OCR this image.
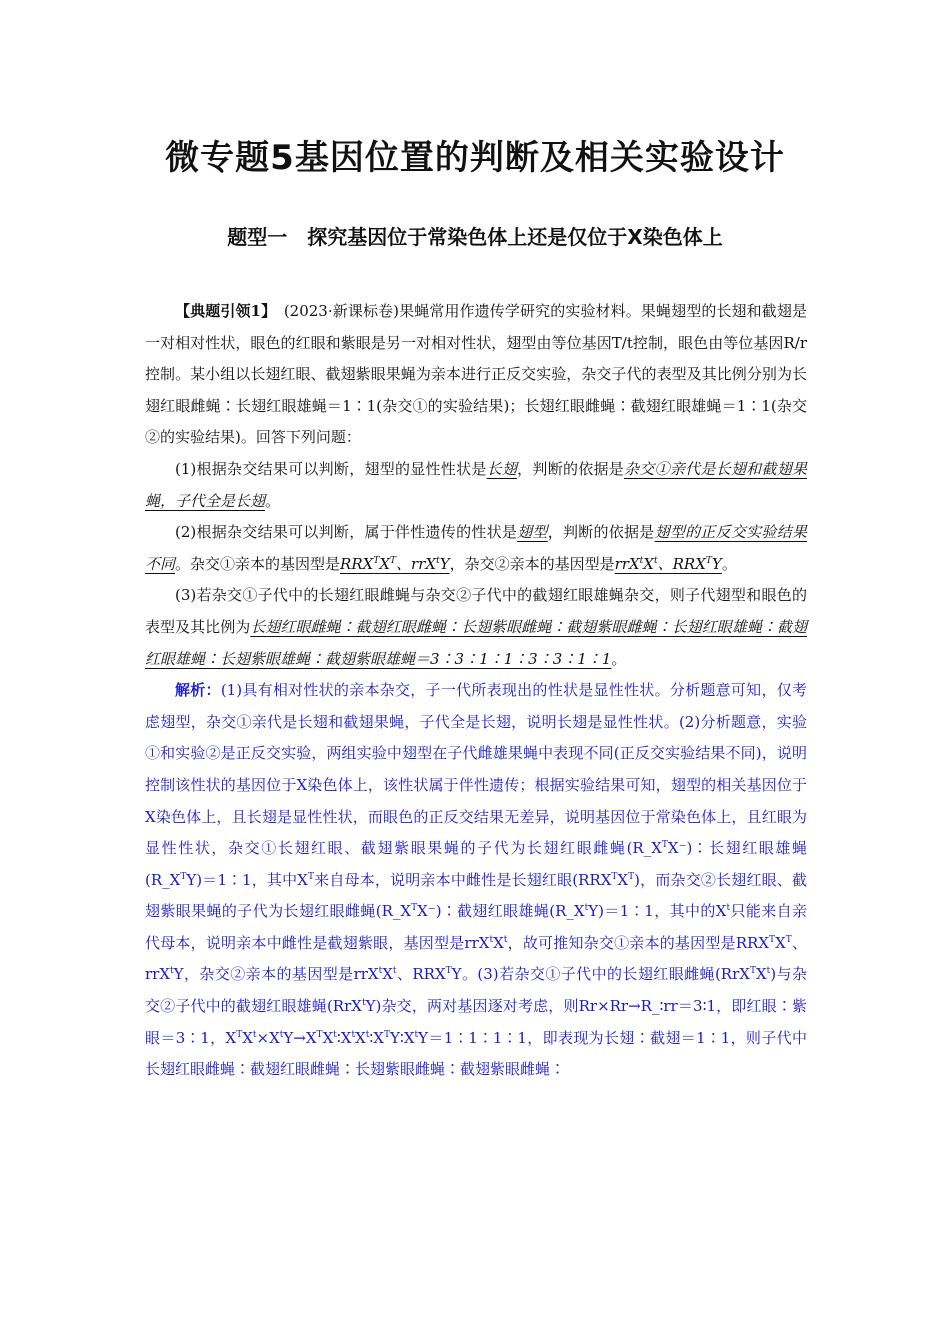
微专题5基因位置的判断及相关实验设计
题型一　探究基因位于常染色体上还是仅位于X染色体上

【典题引领1】　(2023·新课标卷)果蝇常用作遗传学研究的实验材料。果蝇翅型的长翅和截翅是一对相对性状，眼色的红眼和紫眼是另一对相对性状，翅型由等位基因T/t控制，眼色由等位基因R/r控制。某小组以长翅红眼、截翅紫眼果蝇为亲本进行正反交实验，杂交子代的表型及其比例分别为长翅红眼雌蝇∶长翅红眼雄蝇＝1∶1(杂交①的实验结果)；长翅红眼雌蝇∶截翅红眼雄蝇＝1∶1(杂交②的实验结果)。回答下列问题：

(1)根据杂交结果可以判断，翅型的显性性状是长翅，判断的依据是杂交①亲代是长翅和截翅果蝇，子代全是长翅。

(2)根据杂交结果可以判断，属于伴性遗传的性状是翅型，判断的依据是翅型的正反交实验结果不同。杂交①亲本的基因型是$RRX^TX^T$、rrX$^t$Y，杂交②亲本的基因型是$rrX^tX^t$、$RRX^TY$。

(3)若杂交①子代中的长翅红眼雌蝇与杂交②子代中的截翅红眼雄蝇杂交，则子代翅型和眼色的表型及其比例为长翅红眼雌蝇∶截翅红眼雌蝇∶长翅紫眼雌蝇∶截翅紫眼雌蝇∶长翅红眼雄蝇∶截翅红眼雄蝇∶长翅紫眼雄蝇∶截翅紫眼雄蝇＝3∶3∶1∶1∶3∶3∶1∶1。

解析：(1)具有相对性状的亲本杂交，子一代所表现出的性状是显性性状。分析题意可知，仅考虑翅型，杂交①亲代是长翅和截翅果蝇，子代全是长翅，说明长翅是显性性状。(2)分析题意，实验①和实验②是正反交实验，两组实验中翅型在子代雌雄果蝇中表现不同(正反交实验结果不同)，说明控制该性状的基因位于X染色体上，该性状属于伴性遗传；根据实验结果可知，翅型的相关基因位于X染色体上，且长翅是显性性状，而眼色的正反交结果无差异，说明基因位于常染色体上，且红眼为显性性状，杂交①长翅红眼、截翅紫眼果蝇的子代为长翅红眼雌蝇$(R\_X^TX^-)∶$长翅红眼雄蝇$(R\_X^TY)=1∶1$，其中$X^T$来自母本，说明亲本中雌性是长翅红眼$(RRX^TX^T)$，而杂交②长翅红眼、截翅紫眼果蝇的子代为长翅红眼雌蝇$(R\_X^TX^-)∶$截翅红眼雄蝇$(R\_X^tY)=1∶1$，其中的$X^t$只能来自亲代母本，说明亲本中雌性是截翅紫眼，基因型是$rrX^tX^t$，故可推知杂交①亲本的基因型是$RRX^TX^T$、rrX$^t$Y，杂交②亲本的基因型是$rrX^tX^t$、$RRX^TY$。(3)若杂交①子代中的长翅红眼雌蝇$(RrX^TX^t)$与杂交②子代中的截翅红眼雄蝇(RrX$^t$Y)杂交，两对基因逐对考虑，则Rr×Rr→R_∶rr＝3∶1，即红眼∶紫眼＝3∶1，$X^TX^t\times X^tY\to X^TX^t∶X^tX^t∶X^TY∶X^tY=1∶1∶1∶1$，即表现为长翅∶截翅＝1∶1，则子代中长翅红眼雌蝇∶截翅红眼雌蝇∶长翅紫眼雌蝇∶截翅紫眼雌蝇∶
